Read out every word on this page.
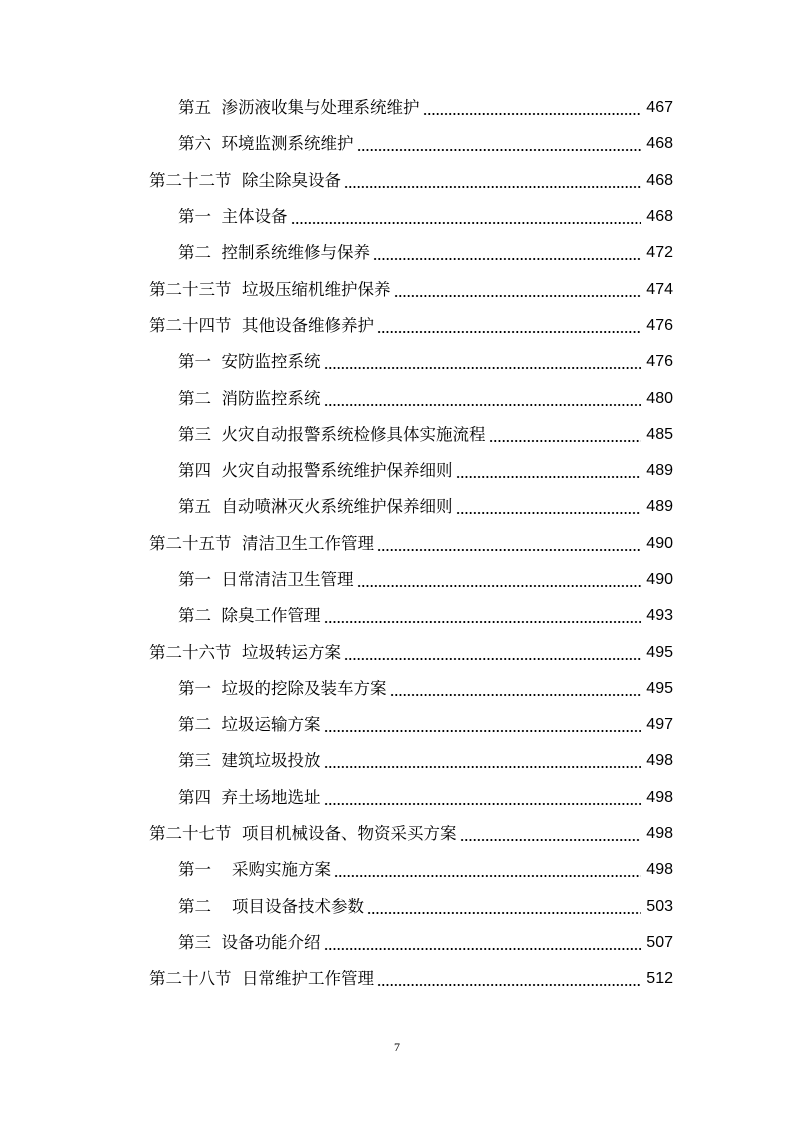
第五  渗沥液收集与处理系统维护	467
第六  环境监测系统维护	468
第二十二节  除尘除臭设备	468
第一  主体设备	468
第二  控制系统维修与保养	472
第二十三节  垃圾压缩机维护保养	474
第二十四节  其他设备维修养护	476
第一  安防监控系统	476
第二  消防监控系统	480
第三  火灾自动报警系统检修具体实施流程	485
第四  火灾自动报警系统维护保养细则	489
第五  自动喷淋灭火系统维护保养细则	489
第二十五节  清洁卫生工作管理	490
第一  日常清洁卫生管理	490
第二  除臭工作管理	493
第二十六节  垃圾转运方案	495
第一  垃圾的挖除及装车方案	495
第二  垃圾运输方案	497
第三  建筑垃圾投放	498
第四  弃土场地选址	498
第二十七节  项目机械设备、物资采买方案	498
第一    采购实施方案	498
第二    项目设备技术参数	503
第三  设备功能介绍	507
第二十八节  日常维护工作管理	512
7
